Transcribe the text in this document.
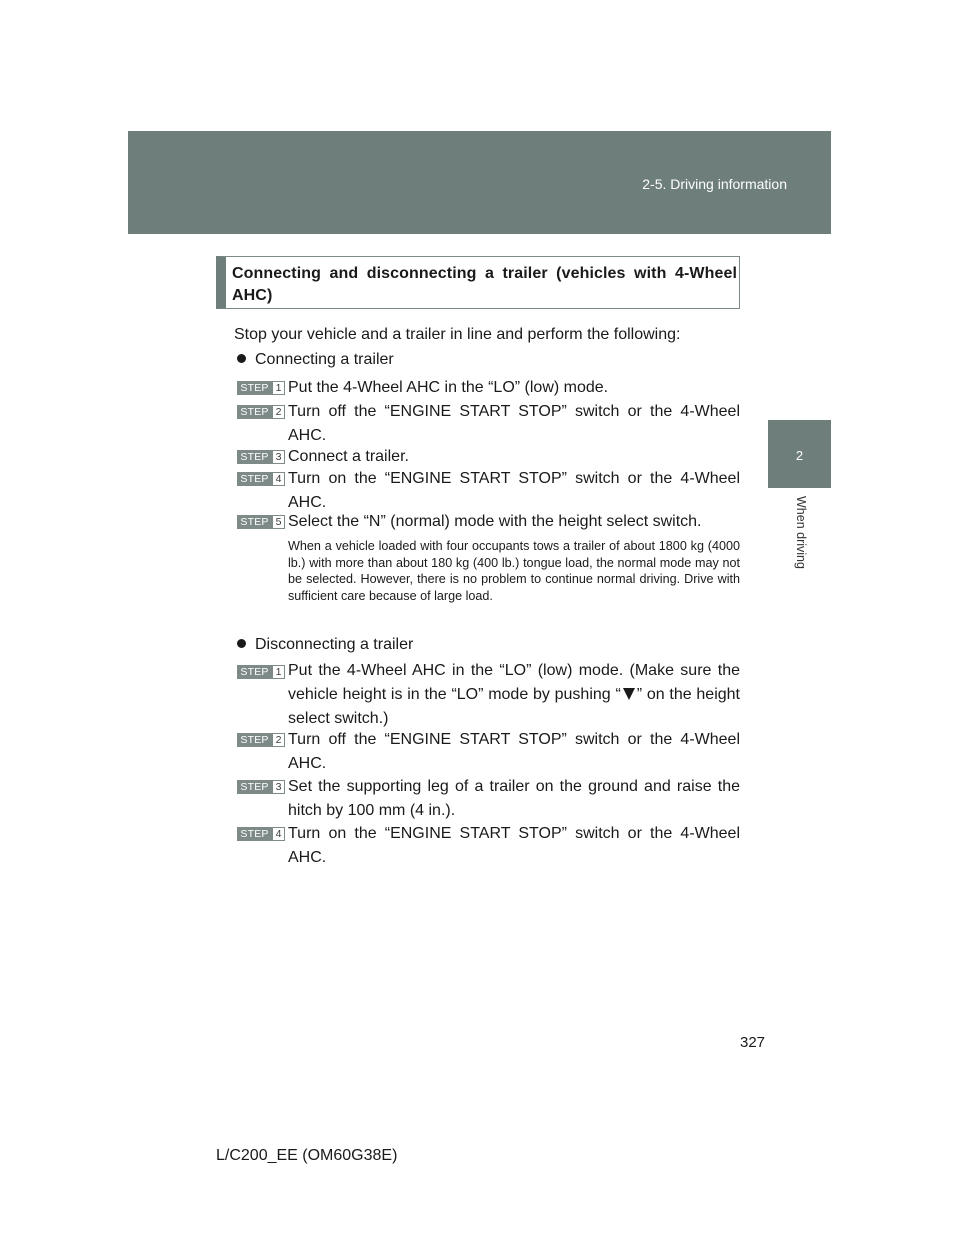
2-5. Driving information
2
When driving
Connecting and disconnecting a trailer (vehicles with 4-Wheel AHC)
Stop your vehicle and a trailer in line and perform the following:
Connecting a trailer
STEP 1 Put the 4-Wheel AHC in the “LO” (low) mode.
STEP 2 Turn off the “ENGINE START STOP” switch or the 4-Wheel AHC.
STEP 3 Connect a trailer.
STEP 4 Turn on the “ENGINE START STOP” switch or the 4-Wheel AHC.
STEP 5 Select the “N” (normal) mode with the height select switch.
When a vehicle loaded with four occupants tows a trailer of about 1800 kg (4000 lb.) with more than about 180 kg (400 lb.) tongue load, the normal mode may not be selected. However, there is no problem to continue normal driving. Drive with sufficient care because of large load.
Disconnecting a trailer
STEP 1 Put the 4-Wheel AHC in the “LO” (low) mode. (Make sure the vehicle height is in the “LO” mode by pushing “ ” on the height select switch.)
STEP 2 Turn off the “ENGINE START STOP” switch or the 4-Wheel AHC.
STEP 3 Set the supporting leg of a trailer on the ground and raise the hitch by 100 mm (4 in.).
STEP 4 Turn on the “ENGINE START STOP” switch or the 4-Wheel AHC.
327
L/C200_EE (OM60G38E)
